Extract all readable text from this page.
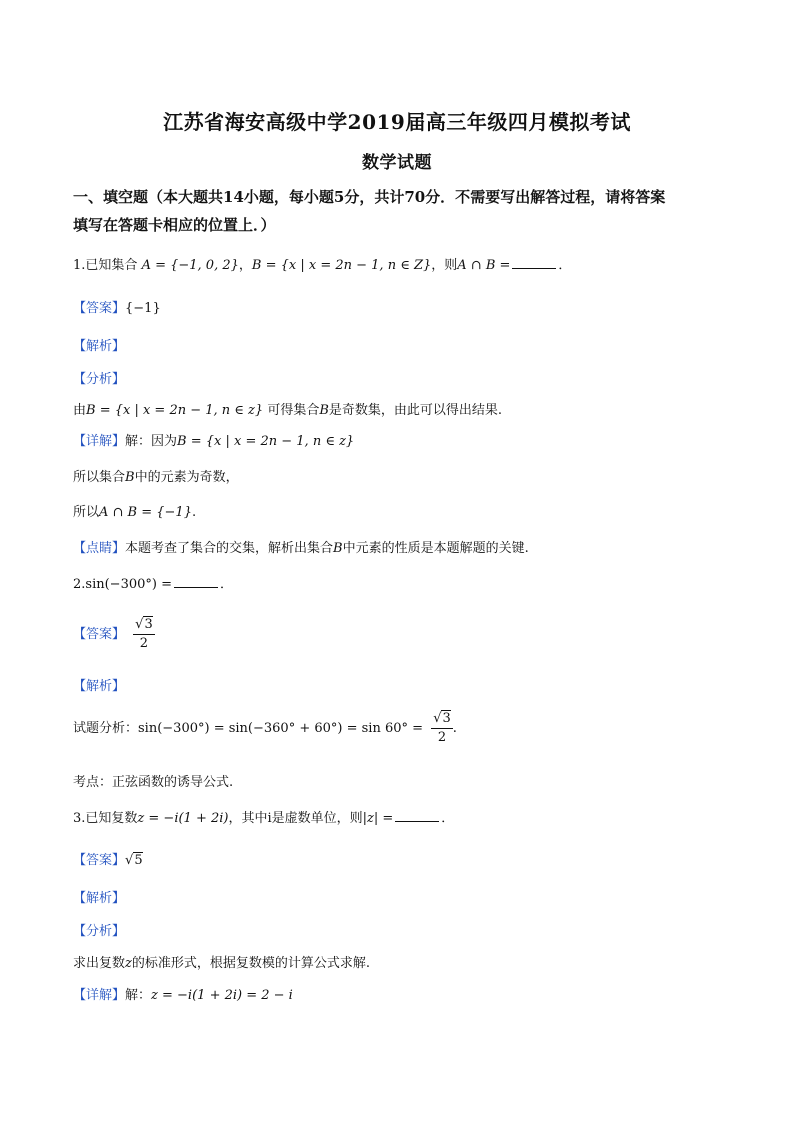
江苏省海安高级中学2019届高三年级四月模拟考试
数学试题
一、填空题（本大题共14小题，每小题5分，共计70分．不需要写出解答过程，请将答案
填写在答题卡相应的位置上．）
1.已知集合 A = {−1, 0, 2}，B = {x | x = 2n − 1, n ∈ Z}，则A ∩ B =	．
【答案】{−1}
【解析】
【分析】
由B = {x | x = 2n − 1, n ∈ z} 可得集合B是奇数集，由此可以得出结果.
【详解】解：因为B = {x | x = 2n − 1, n ∈ z}
所以集合B中的元素为奇数，
所以A ∩ B = {−1}.
【点睛】本题考查了集合的交集，解析出集合B中元素的性质是本题解题的关键.
2.sin(−300°) =	．
【答案】 $\frac{√3}{2}$
【解析】
试题分析：$\sin(-300^\circ) = \sin(-360^\circ + 60^\circ) = \sin 60^\circ = \frac{√3}{2}$ .
考点：正弦函数的诱导公式.
3.已知复数z = −i(1 + 2i)，其中i是虚数单位，则|z| =	．
【答案】√5
【解析】
【分析】
求出复数z的标准形式，根据复数模的计算公式求解.
【详解】解：z = −i(1 + 2i) = 2 − i
